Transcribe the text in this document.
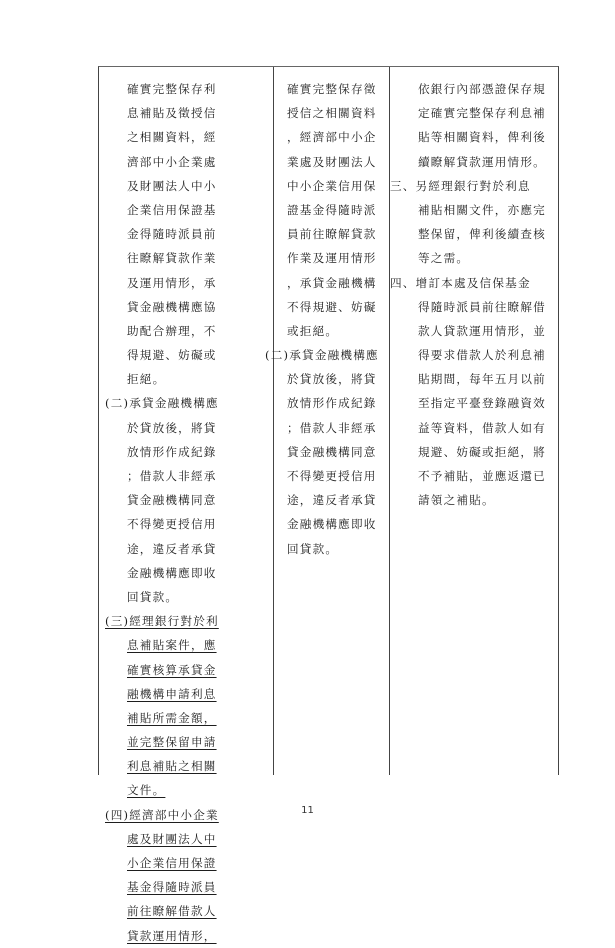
確實完整保存利
息補貼及徵授信
之相關資料，經
濟部中小企業處
及財團法人中小
企業信用保證基
金得隨時派員前
往瞭解貸款作業
及運用情形，承
貸金融機構應協
助配合辦理，不
得規避、妨礙或
拒絕。
(二)承貸金融機構應
於貸放後，將貸
放情形作成紀錄
；借款人非經承
貸金融機構同意
不得變更授信用
途，違反者承貸
金融機構應即收
回貸款。
(三)經理銀行對於利
息補貼案件，應
確實核算承貸金
融機構申請利息
補貼所需金額，
並完整保留申請
利息補貼之相關
文件。
(四)經濟部中小企業
處及財團法人中
小企業信用保證
基金得隨時派員
前往瞭解借款人
貸款運用情形，
確實完整保存徵
授信之相關資料
，經濟部中小企
業處及財團法人
中小企業信用保
證基金得隨時派
員前往瞭解貸款
作業及運用情形
，承貸金融機構
不得規避、妨礙
或拒絕。
(二)承貸金融機構應
於貸放後，將貸
放情形作成紀錄
；借款人非經承
貸金融機構同意
不得變更授信用
途，違反者承貸
金融機構應即收
回貸款。
依銀行內部憑證保存規
定確實完整保存利息補
貼等相關資料，俾利後
續瞭解貸款運用情形。
三、另經理銀行對於利息
補貼相關文件，亦應完
整保留，俾利後續查核
等之需。
四、增訂本處及信保基金
得隨時派員前往瞭解借
款人貸款運用情形，並
得要求借款人於利息補
貼期間，每年五月以前
至指定平臺登錄融資效
益等資料，借款人如有
規避、妨礙或拒絕，將
不予補貼，並應返還已
請領之補貼。
11
